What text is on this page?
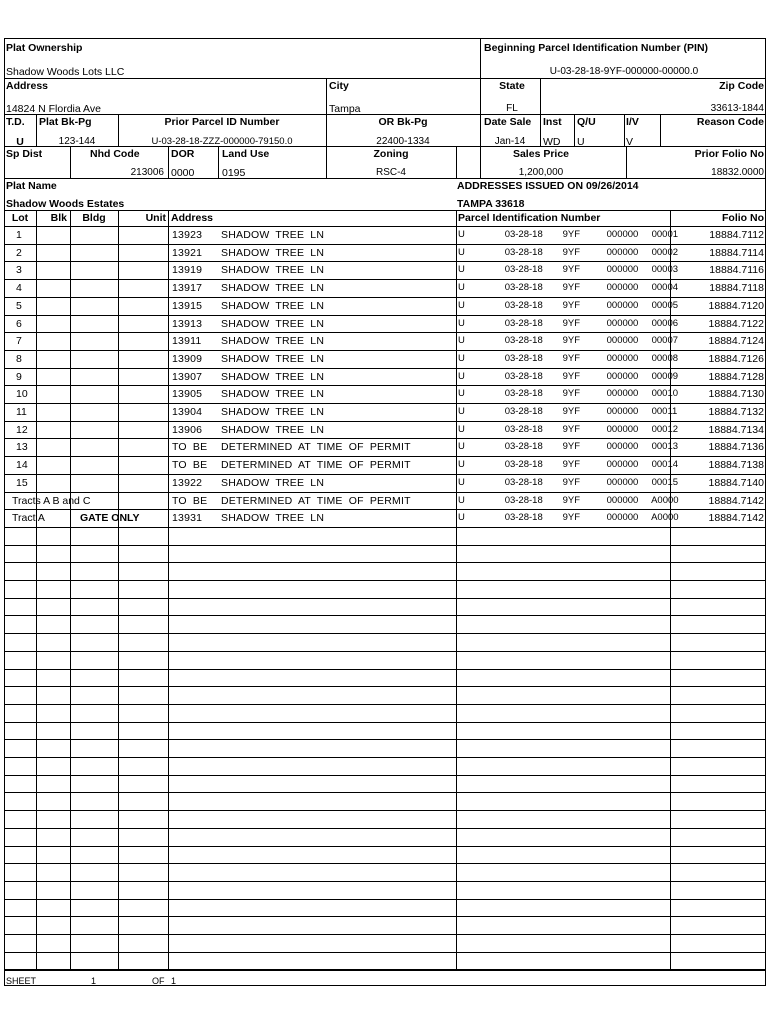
Plat Ownership
Shadow Woods Lots LLC
Beginning Parcel Identification Number (PIN)
U-03-28-18-9YF-000000-00000.0
Address
14824 N Flordia Ave
City
Tampa
State
FL
Zip Code
33613-1844
T.D.
U
Plat Bk-Pg
123-144
Prior Parcel ID Number
U-03-28-18-ZZZ-000000-79150.0
OR Bk-Pg
22400-1334
Date Sale
Jan-14
Inst
WD
Q/U
U
I/V
V
Reason Code
Sp Dist	Nhd Code
213006
DOR
0000
Land Use
0195
Zoning
RSC-4
Sales Price
1,200,000
Prior Folio No
18832.0000
Plat Name
Shadow Woods Estates
ADDRESSES ISSUED ON 09/26/2014
TAMPA 33618
Lot	Blk	Bldg	Unit Address	Parcel Identification Number	Folio No
1	13923 SHADOW TREE LN	U      03-28-18   9YF    000000  00001	18884.7112
2	13921 SHADOW TREE LN	U      03-28-18   9YF    000000  00002	18884.7114
3	13919 SHADOW TREE LN	U      03-28-18   9YF    000000  00003	18884.7116
4	13917 SHADOW TREE LN	U      03-28-18   9YF    000000  00004	18884.7118
5	13915 SHADOW TREE LN	U      03-28-18   9YF    000000  00005	18884.7120
6	13913 SHADOW TREE LN	U      03-28-18   9YF    000000  00006	18884.7122
7	13911 SHADOW TREE LN	U      03-28-18   9YF    000000  00007	18884.7124
8	13909 SHADOW TREE LN	U      03-28-18   9YF    000000  00008	18884.7126
9	13907 SHADOW TREE LN	U      03-28-18   9YF    000000  00009	18884.7128
10	13905 SHADOW TREE LN	U      03-28-18   9YF    000000  00010	18884.7130
11	13904 SHADOW TREE LN	U      03-28-18   9YF    000000  00011	18884.7132
12	13906 SHADOW TREE LN	U      03-28-18   9YF    000000  00012	18884.7134
13	TO BE DETERMINED AT TIME OF PERMIT	U      03-28-18   9YF    000000  00013	18884.7136
14	TO BE DETERMINED AT TIME OF PERMIT	U      03-28-18   9YF    000000  00014	18884.7138
15	13922 SHADOW TREE LN	U      03-28-18   9YF    000000  00015	18884.7140
Tracts A B and C	TO BE DETERMINED AT TIME OF PERMIT	U      03-28-18   9YF    000000  A0000	18884.7142
Tract A	GATE ONLY	13931 SHADOW TREE LN	U      03-28-18   9YF    000000  A0000	18884.7142
SHEET	1	OF 1
